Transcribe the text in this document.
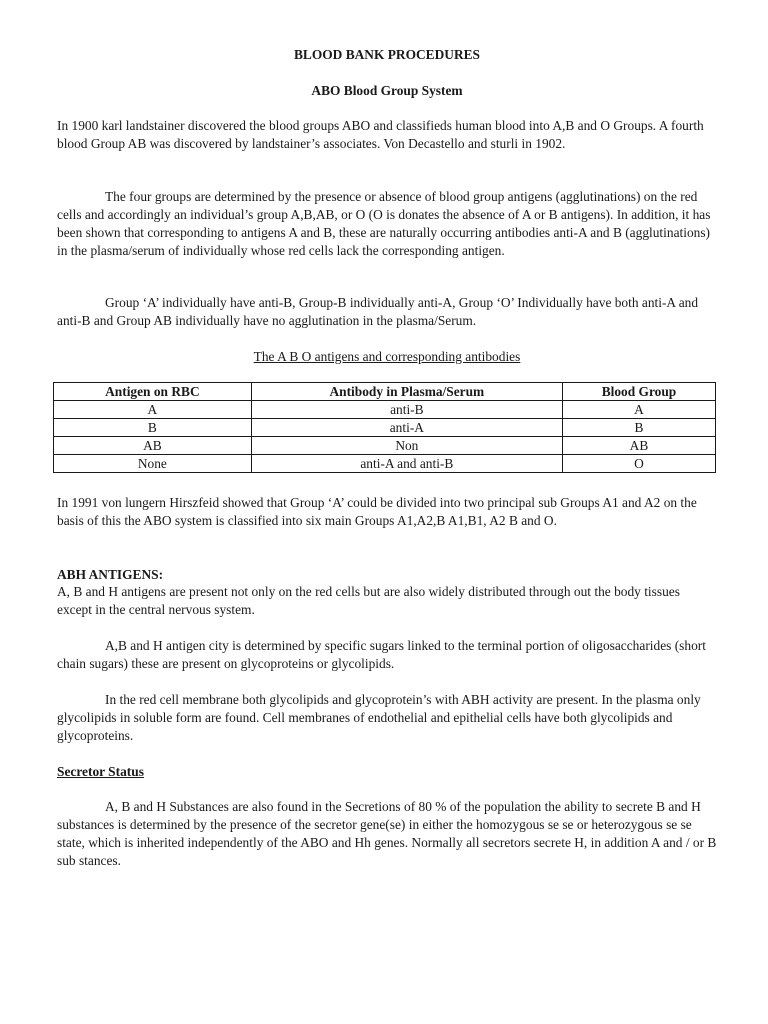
BLOOD BANK PROCEDURES
ABO Blood Group System

In 1900 karl landstainer discovered the blood groups ABO and classifieds human blood into A,B and O Groups. A fourth blood Group AB was discovered by landstainer’s associates. Von Decastello and sturli in 1902.

The four groups are determined by the presence or absence of blood group antigens (agglutinations) on the red cells and accordingly an individual’s group A,B,AB, or O (O is donates the absence of A or B antigens). In addition, it has been shown that corresponding to antigens A and B, these are naturally occurring antibodies anti-A and B (agglutinations) in the plasma/serum of individually whose red cells lack the corresponding antigen.

Group ‘A’ individually have anti-B, Group-B individually anti-A, Group ‘O’ Individually have both anti-A and anti-B and Group AB individually have no agglutination in the plasma/Serum.

The A B O antigens and corresponding antibodies
Antigen on RBC	Antibody in Plasma/Serum	Blood Group
A	anti-B	A
B	anti-A	B
AB	Non	AB
None	anti-A and anti-B	O

In 1991 von lungern Hirszfeid showed that Group ‘A’ could be divided into two principal sub Groups A1 and A2 on the basis of this the ABO system is classified into six main Groups A1,A2,B A1,B1, A2 B and O.

ABH ANTIGENS:

A, B and H antigens are present not only on the red cells but are also widely distributed through out the body tissues except in the central nervous system.

A,B and H antigen city is determined by specific sugars linked to the terminal portion of oligosaccharides (short chain sugars) these are present on glycoproteins or glycolipids.

In the red cell membrane both glycolipids and glycoprotein’s with ABH activity are present. In the plasma only glycolipids in soluble form are found. Cell membranes of endothelial and epithelial cells have both glycolipids and glycoproteins.

Secretor Status

A, B and H Substances are also found in the Secretions of 80 % of the population the ability to secrete B and H substances is determined by the presence of the secretor gene(se) in either the homozygous se se or heterozygous se se state, which is inherited independently of the ABO and Hh genes. Normally all secretors secrete H, in addition A and / or B sub stances.
